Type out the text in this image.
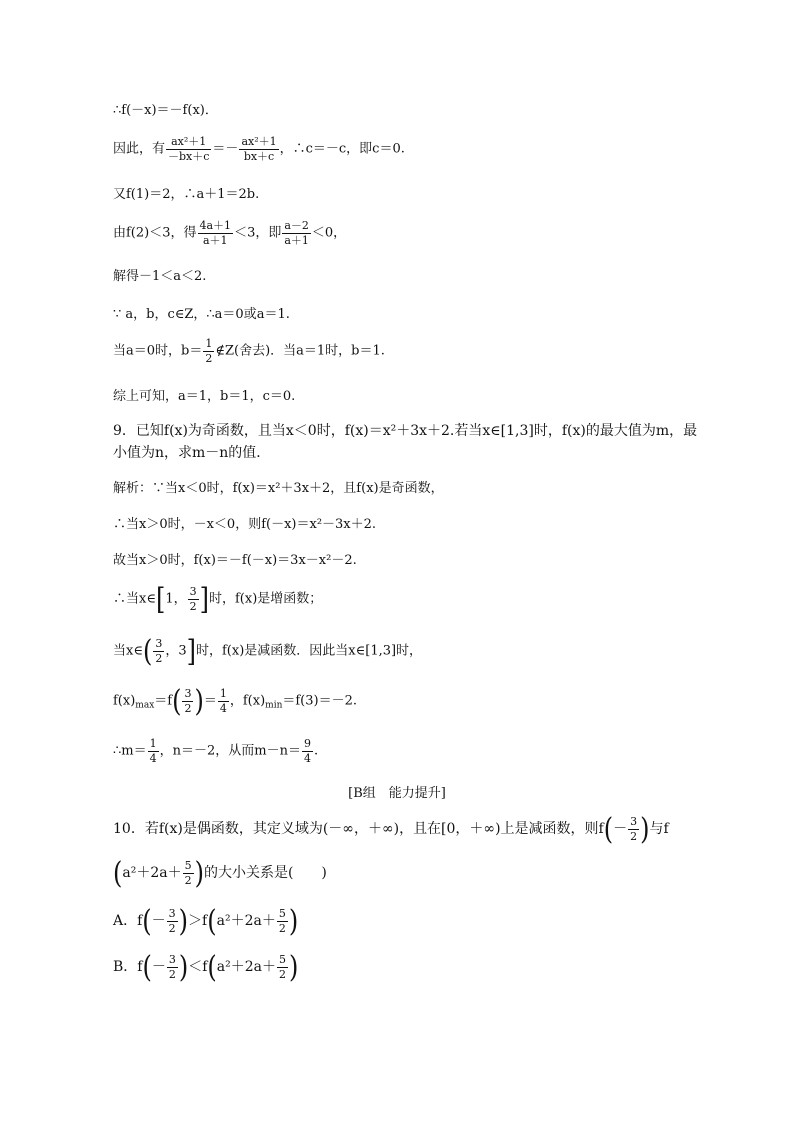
∴f(－x)＝－f(x)．
因此，有 $\frac{\text{ax²＋1}}{-bx+c} =- \frac{\text{ax²＋1}}{bx+c}$ ，∴c＝－c，即c＝0.
又f(1)＝2，∴a＋1＝2b.
由f(2)＜3，得 $\frac{4a+1}{a+1} <3$，即 $\frac{a-2}{a+1} <0$，
解得－1＜a＜2.
∵ a，b，c∈Z，∴a＝0或a＝1.
当a＝0时，$b= \frac{1}{2}$ ∉Z(舍去)．当a＝1时，b＝1.
综上可知，a＝1，b＝1，c＝0.
9．已知f(x)为奇函数，且当x＜0时，f(x)＝x²＋3x＋2.若当x∈[1,3]时，f(x)的最大值为m，最
小值为n，求m－n的值．
解析：∵当x＜0时，f(x)＝x²＋3x＋2，且f(x)是奇函数，
∴当x＞0时，－x＜0，则f(－x)＝x²－3x＋2.
故当x＞0时，f(x)＝－f(－x)＝3x－x²－2.
∴当x∈[1， $\frac{3}{2}$ ]时，f(x)是增函数；
当x∈( $\frac{3}{2}$ ，3]时，f(x)是减函数．因此当x∈[1,3]时，
$f(x)_{max}=f( \frac{3}{2}$ )＝ $\frac{1}{4}$ ，$f(x)_{min}=f(3)=-2$.
∴m＝ $\frac{1}{4}$ ，n＝－2，从而$m-n= \frac{9}{4}$ .
[B组　能力提升]
10．若f(x)是偶函数，其定义域为(－∞，＋∞)，且在[0，＋∞)上是减函数，则$f(- \frac{3}{2}$ )与f
($a^2+2a+ \frac{5}{2}$ )的大小关系是(　　)
A．$f(- \frac{3}{2} )>f(a^2+2a+ \frac{5}{2}$ )
B．$f(- \frac{3}{2} )<f(a^2+2a+ \frac{5}{2}$ )
